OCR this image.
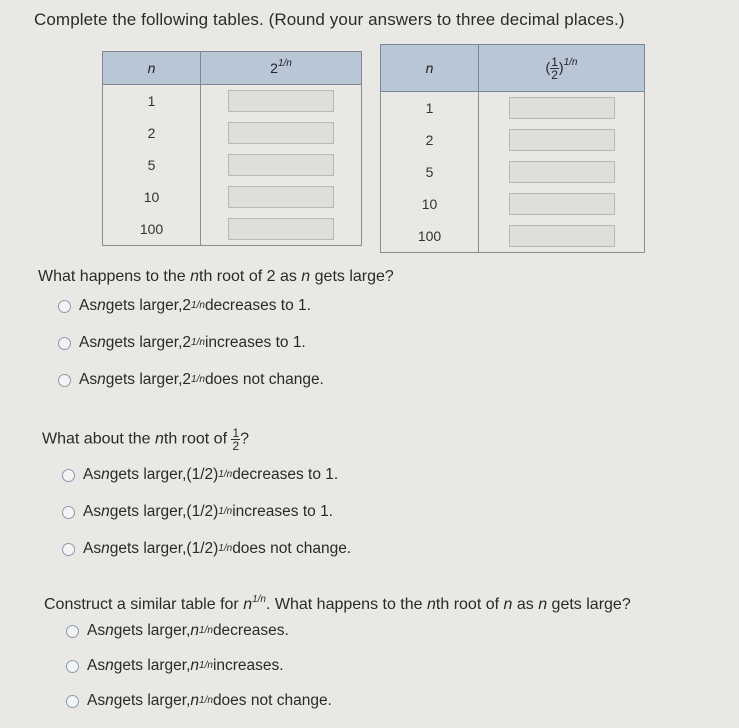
Complete the following tables. (Round your answers to three decimal places.)
n	$2^{1/n}$
1	

2	

5	

10	

100	
n	( $\frac{1}{2} )^{1/n}$
1	

2	

5	

10	

100	
What happens to the nth root of 2 as n gets large?
As n gets larger, 2 1/n decreases to 1.
As n gets larger, 2 1/n increases to 1.
As n gets larger, 2 1/n does not change.
What about the nth root of $\frac{1}{2}$ ?
As n gets larger, (1/2) 1/n decreases to 1.
As n gets larger, (1/2) 1/n increases to 1.
As n gets larger, (1/2) 1/n does not change.
Construct a similar table for $n^{1/n}$. What happens to the nth root of n as n gets large?
As n gets larger, n 1/n decreases.
As n gets larger, n 1/n increases.
As n gets larger, n 1/n does not change.
